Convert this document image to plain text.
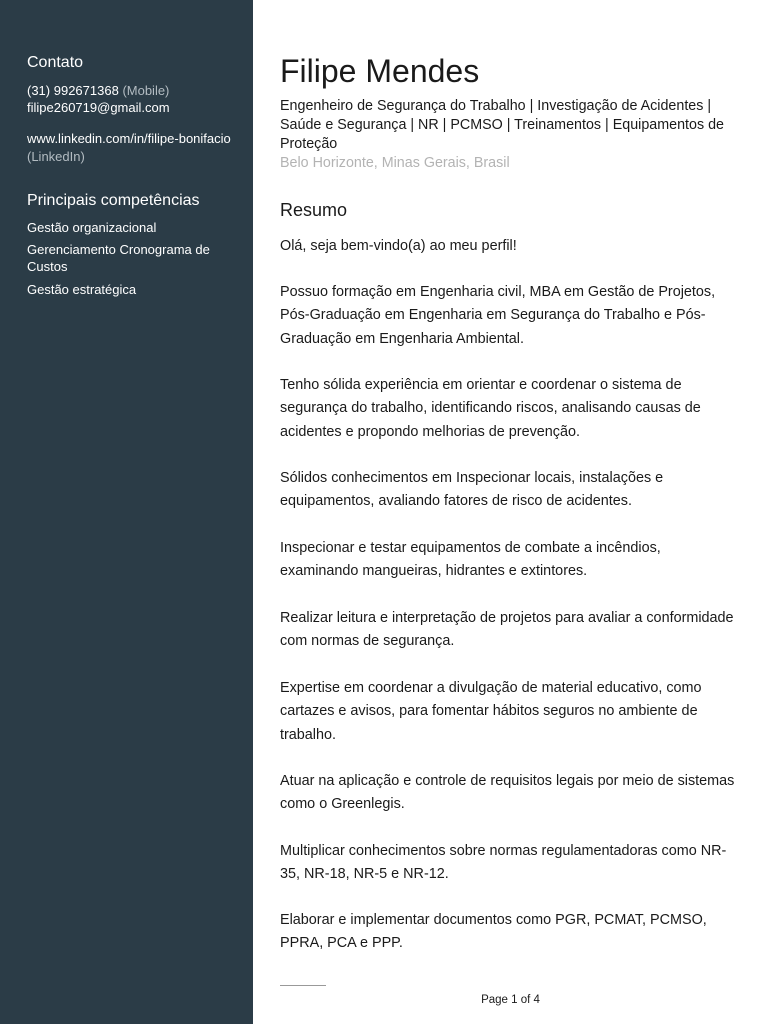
Contato
(31) 992671368 (Mobile)
filipe260719@gmail.com
www.linkedin.com/in/filipe-bonifacio
(LinkedIn)
Principais competências
Gestão organizacional
Gerenciamento Cronograma de Custos
Gestão estratégica
Filipe Mendes
Engenheiro de Segurança do Trabalho | Investigação de Acidentes | Saúde e Segurança | NR | PCMSO | Treinamentos | Equipamentos de Proteção
Belo Horizonte, Minas Gerais, Brasil
Resumo

Olá, seja bem-vindo(a) ao meu perfil!

Possuo formação em Engenharia civil, MBA em Gestão de Projetos, Pós-Graduação em Engenharia em Segurança do Trabalho e Pós-Graduação em Engenharia Ambiental.

Tenho sólida experiência em orientar e coordenar o sistema de segurança do trabalho, identificando riscos, analisando causas de acidentes e propondo melhorias de prevenção.

Sólidos conhecimentos em Inspecionar locais, instalações e equipamentos, avaliando fatores de risco de acidentes.

Inspecionar e testar equipamentos de combate a incêndios, examinando mangueiras, hidrantes e extintores.

Realizar leitura e interpretação de projetos para avaliar a conformidade com normas de segurança.

Expertise em coordenar a divulgação de material educativo, como cartazes e avisos, para fomentar hábitos seguros no ambiente de trabalho.

Atuar na aplicação e controle de requisitos legais por meio de sistemas como o Greenlegis.

Multiplicar conhecimentos sobre normas regulamentadoras como NR-35, NR-18, NR-5 e NR-12.

Elaborar e implementar documentos como PGR, PCMAT, PCMSO, PPRA, PCA e PPP.

Page 1 of 4
